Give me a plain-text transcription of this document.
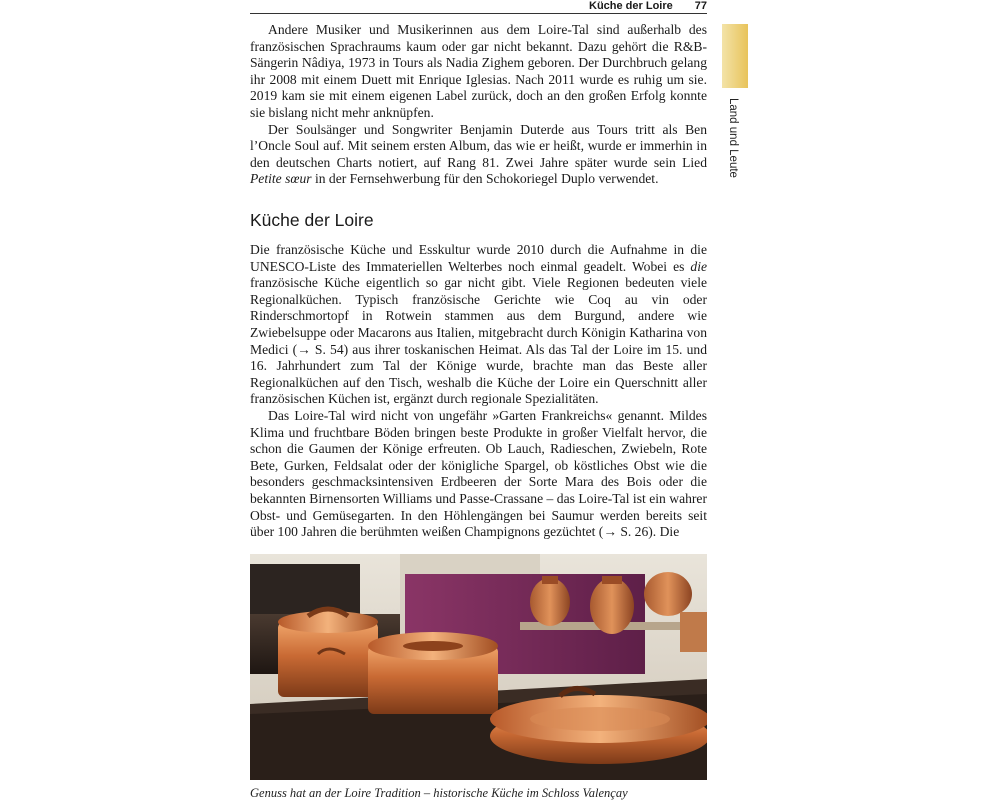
Küche der Loire 77
Land und Leute

Andere Musiker und Musikerinnen aus dem Loire-Tal sind außerhalb des französischen Sprachraums kaum oder gar nicht bekannt. Dazu gehört die R&B-Sängerin Nâdiya, 1973 in Tours als Nadia Zighem geboren. Der Durchbruch gelang ihr 2008 mit einem Duett mit Enrique Iglesias. Nach 2011 wurde es ruhig um sie. 2019 kam sie mit einem eigenen Label zurück, doch an den großen Erfolg konnte sie bislang nicht mehr anknüpfen.

Der Soulsänger und Songwriter Benjamin Duterde aus Tours tritt als Ben l’Oncle Soul auf. Mit seinem ersten Album, das wie er heißt, wurde er immerhin in den deutschen Charts notiert, auf Rang 81. Zwei Jahre später wurde sein Lied Petite sœur in der Fernsehwerbung für den Schokoriegel Duplo verwendet.

Küche der Loire

Die französische Küche und Esskultur wurde 2010 durch die Aufnahme in die UNESCO-Liste des Immateriellen Welterbes noch einmal geadelt. Wobei es die französische Küche eigentlich so gar nicht gibt. Viele Regionen bedeuten viele Regionalküchen. Typisch französische Gerichte wie Coq au vin oder Rinderschmortopf in Rotwein stammen aus dem Burgund, andere wie Zwiebelsuppe oder Macarons aus Italien, mitgebracht durch Königin Katharina von Medici (→ S. 54) aus ihrer toskanischen Heimat. Als das Tal der Loire im 15. und 16. Jahrhundert zum Tal der Könige wurde, brachte man das Beste aller Regionalküchen auf den Tisch, weshalb die Küche der Loire ein Querschnitt aller französischen Küchen ist, ergänzt durch regionale Spezialitäten.

Das Loire-Tal wird nicht von ungefähr »Garten Frankreichs« genannt. Mildes Klima und fruchtbare Böden bringen beste Produkte in großer Vielfalt hervor, die schon die Gaumen der Könige erfreuten. Ob Lauch, Radieschen, Zwiebeln, Rote Bete, Gurken, Feldsalat oder der königliche Spargel, ob köstliches Obst wie die besonders geschmacksintensiven Erdbeeren der Sorte Mara des Bois oder die bekannten Birnensorten Williams und Passe-Crassane – das Loire-Tal ist ein wahrer Obst- und Gemüsegarten. In den Höhlengängen bei Saumur werden bereits seit über 100 Jahren die berühmten weißen Champignons gezüchtet (→ S. 26). Die

Genuss hat an der Loire Tradition – historische Küche im Schloss Valençay
